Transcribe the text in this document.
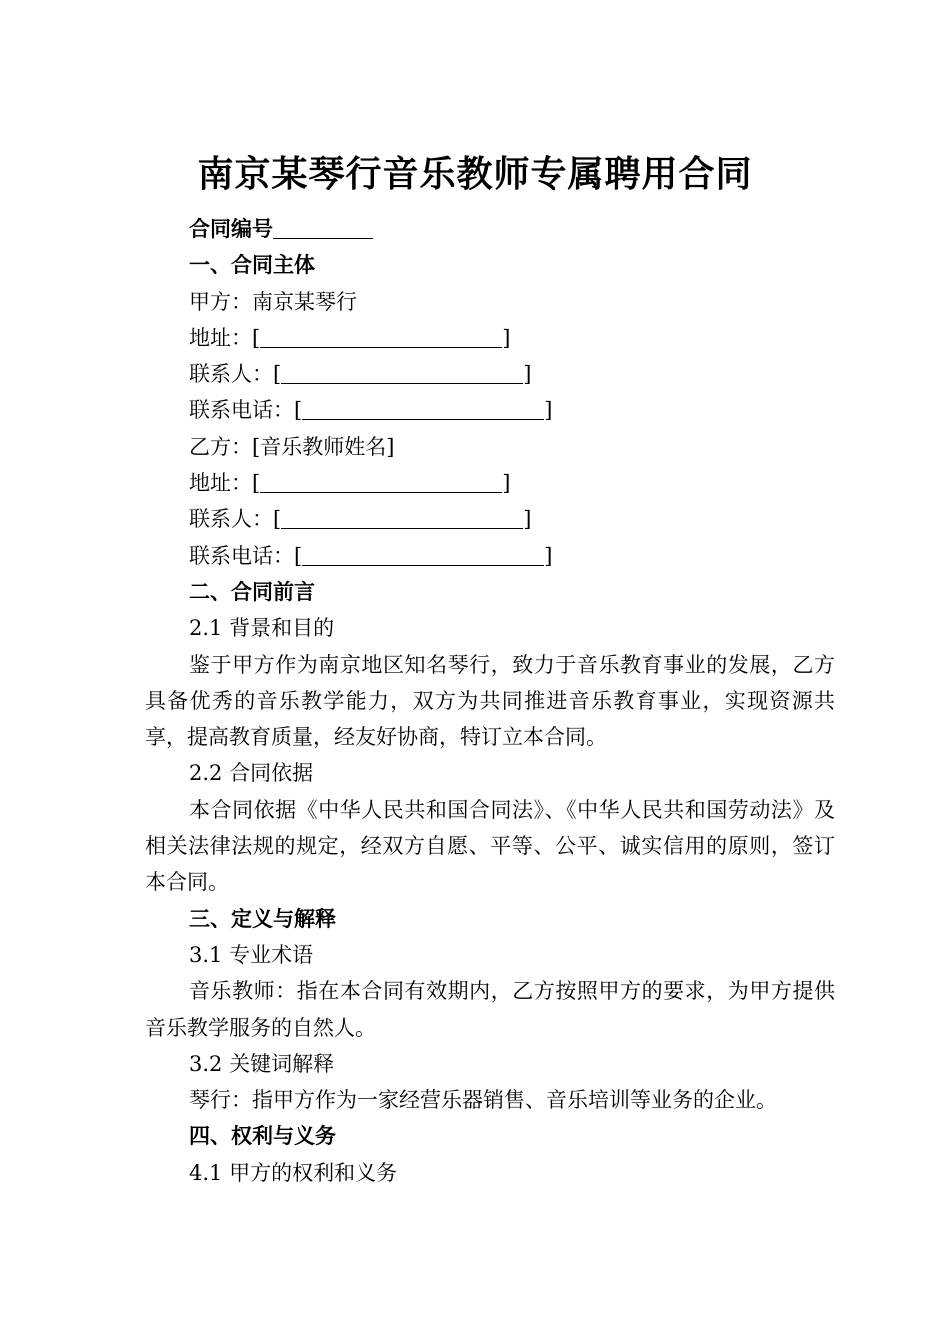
南京某琴行音乐教师专属聘用合同

合同编号

一、合同主体

甲方：南京某琴行

地址：[	]

联系人：[	]

联系电话：[	]

乙方：[音乐教师姓名]

地址：[	]

联系人：[	]

联系电话：[	]

二、合同前言

2.1 背景和目的

鉴于甲方作为南京地区知名琴行，致力于音乐教育事业的发展，乙方具备优秀的音乐教学能力，双方为共同推进音乐教育事业，实现资源共享，提高教育质量，经友好协商，特订立本合同。

2.2 合同依据

本合同依据《中华人民共和国合同法》、《中华人民共和国劳动法》及相关法律法规的规定，经双方自愿、平等、公平、诚实信用的原则，签订本合同。

三、定义与解释

3.1 专业术语

音乐教师：指在本合同有效期内，乙方按照甲方的要求，为甲方提供音乐教学服务的自然人。

3.2 关键词解释

琴行：指甲方作为一家经营乐器销售、音乐培训等业务的企业。

四、权利与义务

4.1 甲方的权利和义务
